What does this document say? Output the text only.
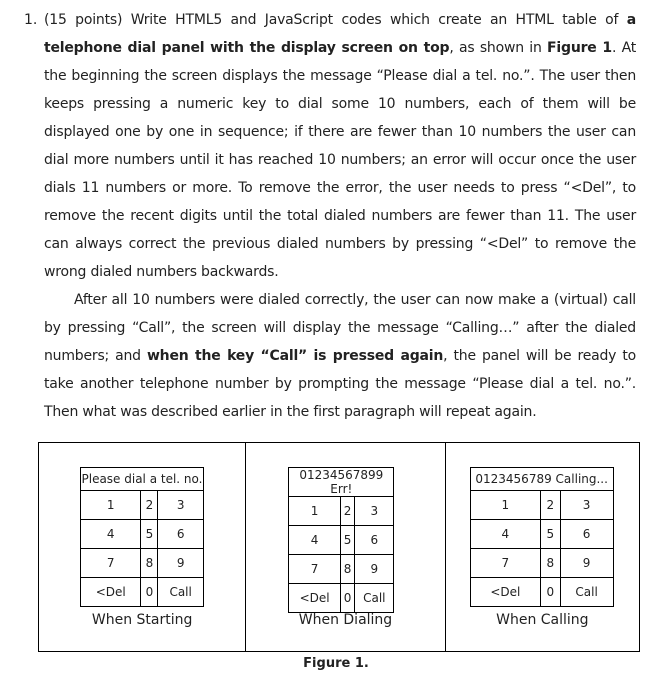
1. (15 points) Write HTML5 and JavaScript codes which create an HTML table of a telephone dial panel with the display screen on top, as shown in Figure 1. At the beginning the screen displays the message “Please dial a tel. no.”. The user then keeps pressing a numeric key to dial some 10 numbers, each of them will be displayed one by one in sequence; if there are fewer than 10 numbers the user can dial more numbers until it has reached 10 numbers; an error will occur once the user dials 11 numbers or more. To remove the error, the user needs to press “<Del”, to remove the recent digits until the total dialed numbers are fewer than 11. The user can always correct the previous dialed numbers by pressing “<Del” to remove the wrong dialed numbers backwards.

After all 10 numbers were dialed correctly, the user can now make a (virtual) call by pressing “Call”, the screen will display the message “Calling…” after the dialed numbers; and when the key “Call” is pressed again, the panel will be ready to take another telephone number by prompting the message “Please dial a tel. no.”. Then what was described earlier in the first paragraph will repeat again.

Please dial a tel. no.		
1	2	3
4	5	6
7	8	9
<Del	0	Call
When Starting
01234567899 Err!		
1	2	3
4	5	6
7	8	9
<Del	0	Call
When Dialing
0123456789 Calling...		
1	2	3
4	5	6
7	8	9
<Del	0	Call
When Calling
Figure 1.
